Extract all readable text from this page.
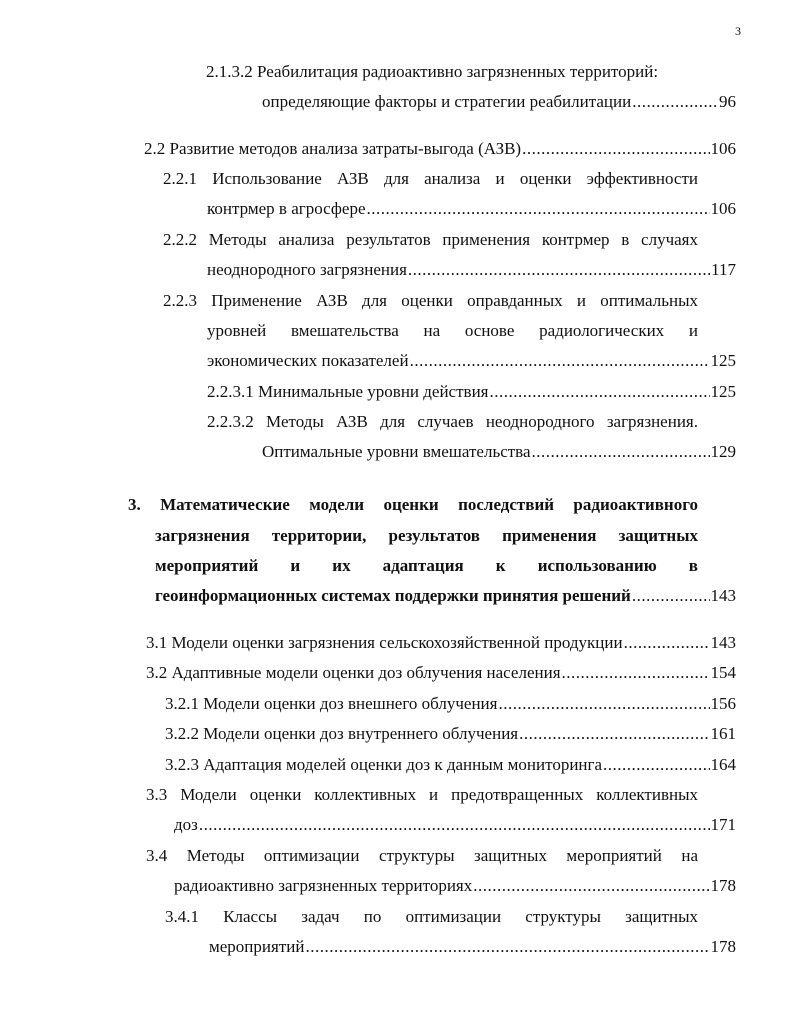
3
2.1.3.2 Реабилитация радиоактивно загрязненных территорий:
определяющие факторы и стратегии реабилитации .....	96
2.2 Развитие методов анализа затраты-выгода (АЗВ) .....	106
2.2.1 Использование АЗВ для анализа и оценки эффективности
контрмер в агросфере .....	106
2.2.2 Методы анализа результатов применения контрмер в случаях
неоднородного загрязнения .....	117
2.2.3 Применение АЗВ для оценки оправданных и оптимальных
уровней вмешательства на основе радиологических и
экономических показателей .....	125
2.2.3.1 Минимальные уровни действия .....	125
2.2.3.2 Методы АЗВ для случаев неоднородного загрязнения.
Оптимальные уровни вмешательства .....	129
3. Математические модели оценки последствий радиоактивного
загрязнения территории, результатов применения защитных
мероприятий и их адаптация к использованию в
геоинформационных системах поддержки принятия решений .....	143
3.1 Модели оценки загрязнения сельскохозяйственной продукции .....	143
3.2 Адаптивные модели оценки доз облучения населения .....	154
3.2.1 Модели оценки доз внешнего облучения .....	156
3.2.2 Модели оценки доз внутреннего облучения .....	161
3.2.3 Адаптация моделей оценки доз к данным мониторинга .....	164
3.3 Модели оценки коллективных и предотвращенных коллективных
доз .....	171
3.4 Методы оптимизации структуры защитных мероприятий на
радиоактивно загрязненных территориях .....	178
3.4.1 Классы задач по оптимизации структуры защитных
мероприятий .....	178
